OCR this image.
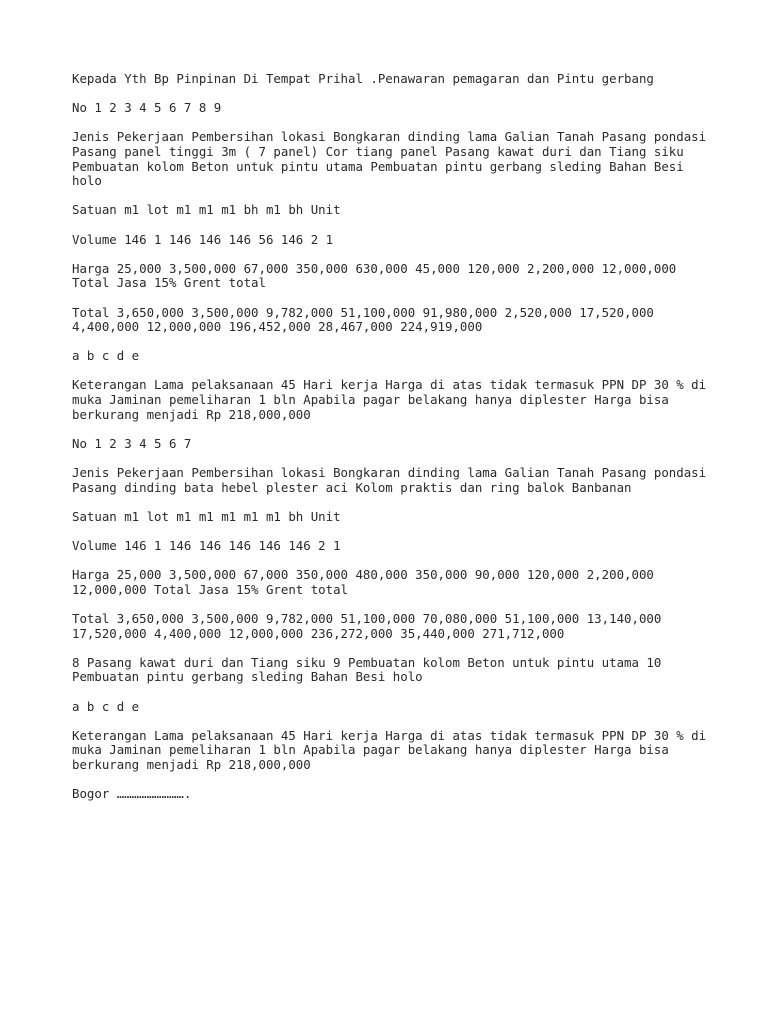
Kepada Yth Bp Pinpinan Di Tempat Prihal .Penawaran pemagaran dan Pintu gerbang

No 1 2 3 4 5 6 7 8 9

Jenis Pekerjaan Pembersihan lokasi Bongkaran dinding lama Galian Tanah Pasang pondasi Pasang panel tinggi 3m ( 7 panel) Cor tiang panel Pasang kawat duri dan Tiang siku Pembuatan kolom Beton untuk pintu utama Pembuatan pintu gerbang sleding Bahan Besi holo

Satuan m1 lot m1 m1 m1 bh m1 bh Unit

Volume 146 1 146 146 146 56 146 2 1

Harga 25,000 3,500,000 67,000 350,000 630,000 45,000 120,000 2,200,000 12,000,000 Total Jasa 15% Grent total

Total 3,650,000 3,500,000 9,782,000 51,100,000 91,980,000 2,520,000 17,520,000 4,400,000 12,000,000 196,452,000 28,467,000 224,919,000

a b c d e

Keterangan Lama pelaksanaan 45 Hari kerja Harga di atas tidak termasuk PPN DP 30 % di muka Jaminan pemeliharan 1 bln Apabila pagar belakang hanya diplester Harga bisa berkurang menjadi Rp 218,000,000

No 1 2 3 4 5 6 7

Jenis Pekerjaan Pembersihan lokasi Bongkaran dinding lama Galian Tanah Pasang pondasi Pasang dinding bata hebel plester aci Kolom praktis dan ring balok Banbanan

Satuan m1 lot m1 m1 m1 m1 m1 bh Unit

Volume 146 1 146 146 146 146 146 2 1

Harga 25,000 3,500,000 67,000 350,000 480,000 350,000 90,000 120,000 2,200,000 12,000,000 Total Jasa 15% Grent total

Total 3,650,000 3,500,000 9,782,000 51,100,000 70,080,000 51,100,000 13,140,000 17,520,000 4,400,000 12,000,000 236,272,000 35,440,000 271,712,000

8 Pasang kawat duri dan Tiang siku 9 Pembuatan kolom Beton untuk pintu utama 10 Pembuatan pintu gerbang sleding Bahan Besi holo

a b c d e

Keterangan Lama pelaksanaan 45 Hari kerja Harga di atas tidak termasuk PPN DP 30 % di muka Jaminan pemeliharan 1 bln Apabila pagar belakang hanya diplester Harga bisa berkurang menjadi Rp 218,000,000

Bogor ……………………….
